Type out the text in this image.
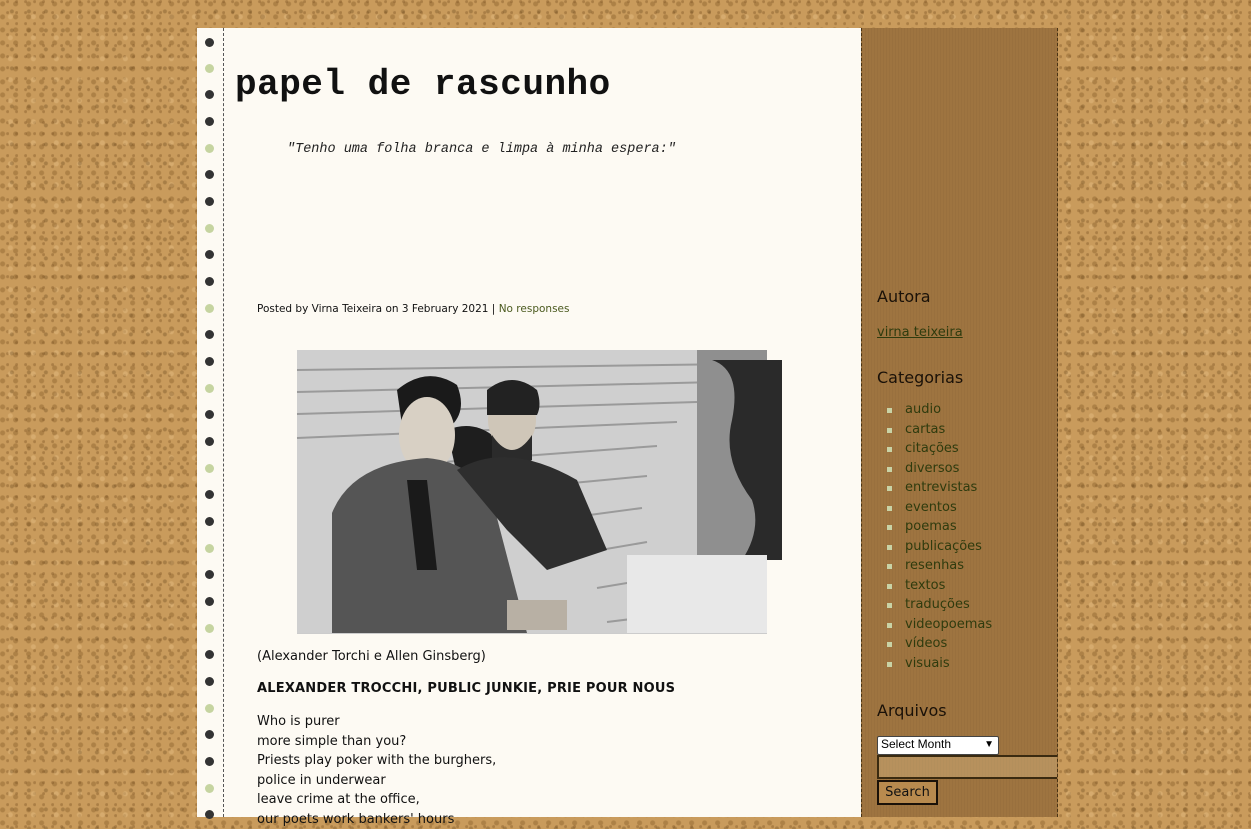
papel de rascunho

"Tenho uma folha branca e limpa à minha espera:"

Posted by Virna Teixeira on 3 February 2021 | No responses

(Alexander Torchi e Allen Ginsberg)

ALEXANDER TROCCHI, PUBLIC JUNKIE, PRIE POUR NOUS
Who is purer
more simple than you?
Priests play poker with the burghers,
police in underwear
leave crime at the office,
our poets work bankers' hours
Autora
virna teixeira
Categorias
audio
cartas
citações
diversos
entrevistas
eventos
poemas
publicações
resenhas
textos
traduções
videopoemas
vídeos
visuais
Arquivos
Select Month	▼
Search
